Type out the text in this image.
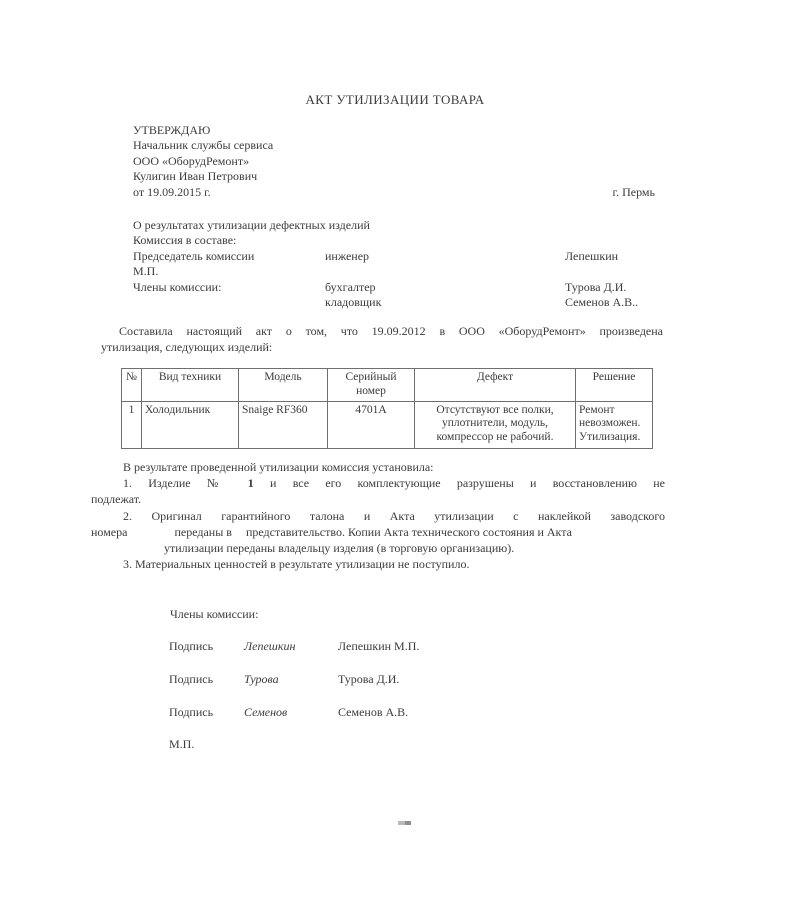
АКТ УТИЛИЗАЦИИ ТОВАРА
УТВЕРЖДАЮ
Начальник службы сервиса
ООО «ОборудРемонт»
Кулигин Иван Петрович
от 19.09.2015 г.	г. Пермь
О результатах утилизации дефектных изделий
Комиссия в составе:
Председатель комиссии	инженер	Лепешкин
М.П.
Члены комиссии:	бухгалтер	Турова Д.И.
кладовщик	Семенов А.В..
Составила настоящий акт о том, что 19.09.2012 в ООО «ОборудРемонт» произведена
утилизация, следующих изделий:
№	Вид техники	Модель	Серийный номер	Дефект	Решение
1	Холодильник	Snaige RF360	4701A	Отсутствуют все полки, уплотнители, модуль, компрессор не рабочий.	Ремонт невозможен. Утилизация.
В результате проведенной утилизации комиссия установила:
1. Изделие № 1 и все его комплектующие разрушены и восстановлению не
подлежат.
2. Оригинал гарантийного талона и Акта утилизации с наклейкой заводского
номера	переданы в представительство. Копии Акта технического состояния и Акта
утилизации переданы владельцу изделия (в торговую организацию).
3. Материальных ценностей в результате утилизации не поступило.
Члены комиссии:
Подпись	Лепешкин	Лепешкин М.П.
Подпись	Турова	Турова Д.И.
Подпись	Семенов	Семенов А.В.
М.П.
